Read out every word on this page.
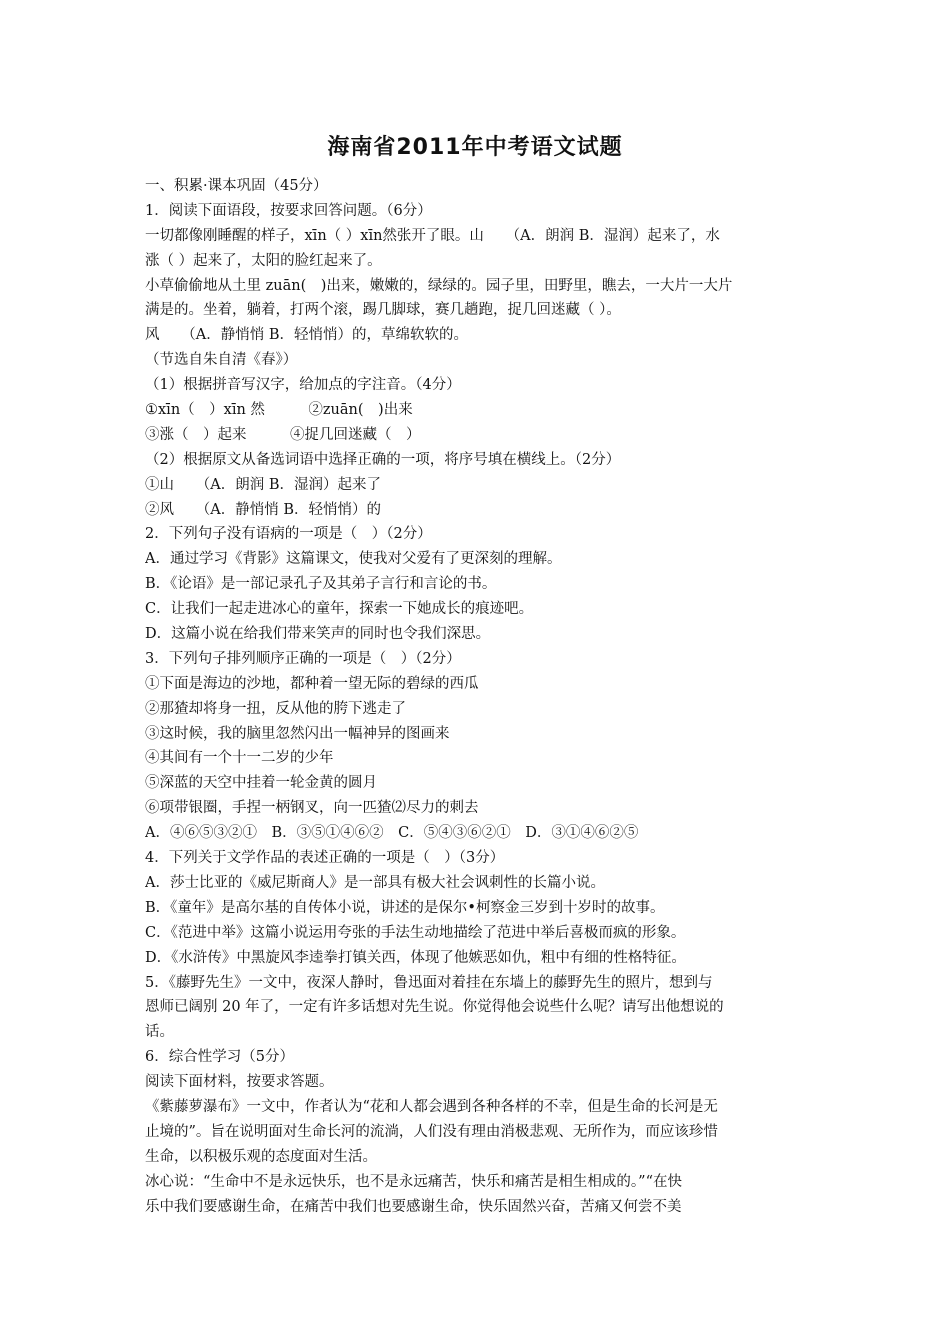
海南省2011年中考语文试题
一、积累·课本巩固（45分）
1．阅读下面语段，按要求回答问题。（6分）
一切都像刚睡醒的样子，xīn（ ）xīn然张开了眼。山　　（A．朗润 B．湿润）起来了，水
涨（ ）起来了，太阳的脸红起来了。
小草偷偷地从土里 zuān(　)出来，嫩嫩的，绿绿的。园子里，田野里，瞧去，一大片一大片
满是的。坐着，躺着，打两个滚，踢几脚球，赛几趟跑，捉几回迷藏（ ）。
风　　（A．静悄悄 B．轻悄悄）的，草绵软软的。
（节选自朱自清《春》）
（1）根据拼音写汉字，给加点的字注音。（4分）
①xīn（　）xīn 然　　　②zuān(　)出来
③涨（　）起来　　　④捉几回迷藏（　）
（2）根据原文从备选词语中选择正确的一项，将序号填在横线上。（2分）
①山　　（A．朗润 B．湿润）起来了
②风　　（A．静悄悄 B．轻悄悄）的
2．下列句子没有语病的一项是（　）（2分）
A．通过学习《背影》这篇课文，使我对父爱有了更深刻的理解。
B．《论语》是一部记录孔子及其弟子言行和言论的书。
C．让我们一起走进冰心的童年，探索一下她成长的痕迹吧。
D．这篇小说在给我们带来笑声的同时也令我们深思。
3．下列句子排列顺序正确的一项是（　）（2分）
①下面是海边的沙地，都种着一望无际的碧绿的西瓜
②那猹却将身一扭，反从他的胯下逃走了
③这时候，我的脑里忽然闪出一幅神异的图画来
④其间有一个十一二岁的少年
⑤深蓝的天空中挂着一轮金黄的圆月
⑥项带银圈，手捏一柄钢叉，向一匹猹⑵尽力的刺去
A．④⑥⑤③②①　B．③⑤①④⑥②　C．⑤④③⑥②①　D．③①④⑥②⑤
4．下列关于文学作品的表述正确的一项是（　）（3分）
A．莎士比亚的《威尼斯商人》是一部具有极大社会讽刺性的长篇小说。
B．《童年》是高尔基的自传体小说，讲述的是保尔•柯察金三岁到十岁时的故事。
C．《范进中举》这篇小说运用夸张的手法生动地描绘了范进中举后喜极而疯的形象。
D．《水浒传》中黑旋风李逵拳打镇关西，体现了他嫉恶如仇，粗中有细的性格特征。
5．《藤野先生》一文中，夜深人静时，鲁迅面对着挂在东墙上的藤野先生的照片，想到与
恩师已阔别 20 年了，一定有许多话想对先生说。你觉得他会说些什么呢？请写出他想说的
话。
6．综合性学习（5分）
阅读下面材料，按要求答题。
《紫藤萝瀑布》一文中，作者认为“花和人都会遇到各种各样的不幸，但是生命的长河是无
止境的”。旨在说明面对生命长河的流淌，人们没有理由消极悲观、无所作为，而应该珍惜
生命，以积极乐观的态度面对生活。
冰心说：“生命中不是永远快乐，也不是永远痛苦，快乐和痛苦是相生相成的。”“在快
乐中我们要感谢生命，在痛苦中我们也要感谢生命，快乐固然兴奋，苦痛又何尝不美
